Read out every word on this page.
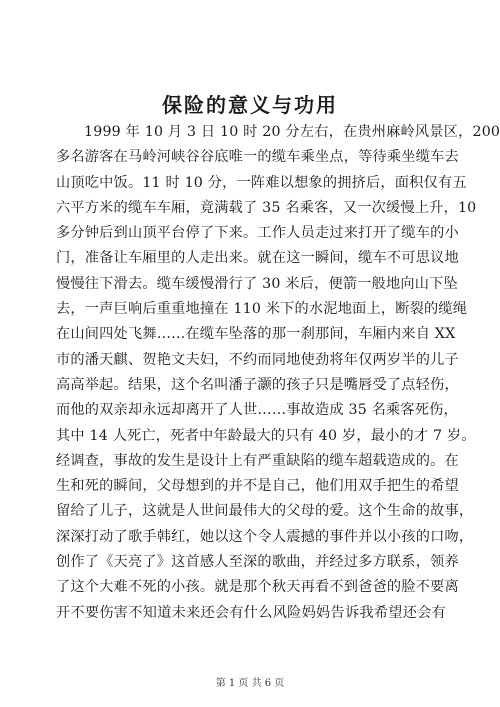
保险的意义与功用
1999 年 10 月 3 日 10 时 20 分左右，在贵州麻岭风景区，200
多名游客在马岭河峡谷谷底唯一的缆车乘坐点，等待乘坐缆车去
山顶吃中饭。11 时 10 分，一阵难以想象的拥挤后，面积仅有五
六平方米的缆车车厢，竟满载了 35 名乘客，又一次缓慢上升，10
多分钟后到山顶平台停了下来。工作人员走过来打开了缆车的小
门，准备让车厢里的人走出来。就在这一瞬间，缆车不可思议地
慢慢往下滑去。缆车缓慢滑行了 30 米后，便箭一般地向山下坠
去，一声巨响后重重地撞在 110 米下的水泥地面上，断裂的缆绳
在山间四处飞舞……在缆车坠落的那一刹那间，车厢内来自 XX
市的潘天麒、贺艳文夫妇，不约而同地使劲将年仅两岁半的儿子
高高举起。结果，这个名叫潘子灏的孩子只是嘴唇受了点轻伤，
而他的双亲却永远却离开了人世……事故造成 35 名乘客死伤，
其中 14 人死亡，死者中年龄最大的只有 40 岁，最小的才 7 岁。
经调查，事故的发生是设计上有严重缺陷的缆车超载造成的。在
生和死的瞬间，父母想到的并不是自己，他们用双手把生的希望
留给了儿子，这就是人世间最伟大的父母的爱。这个生命的故事，
深深打动了歌手韩红，她以这个令人震撼的事件并以小孩的口吻，
创作了《天亮了》这首感人至深的歌曲，并经过多方联系，领养
了这个大难不死的小孩。就是那个秋天再看不到爸爸的脸不要离
开不要伤害不知道未来还会有什么风险妈妈告诉我希望还会有
第 1 页 共 6 页
